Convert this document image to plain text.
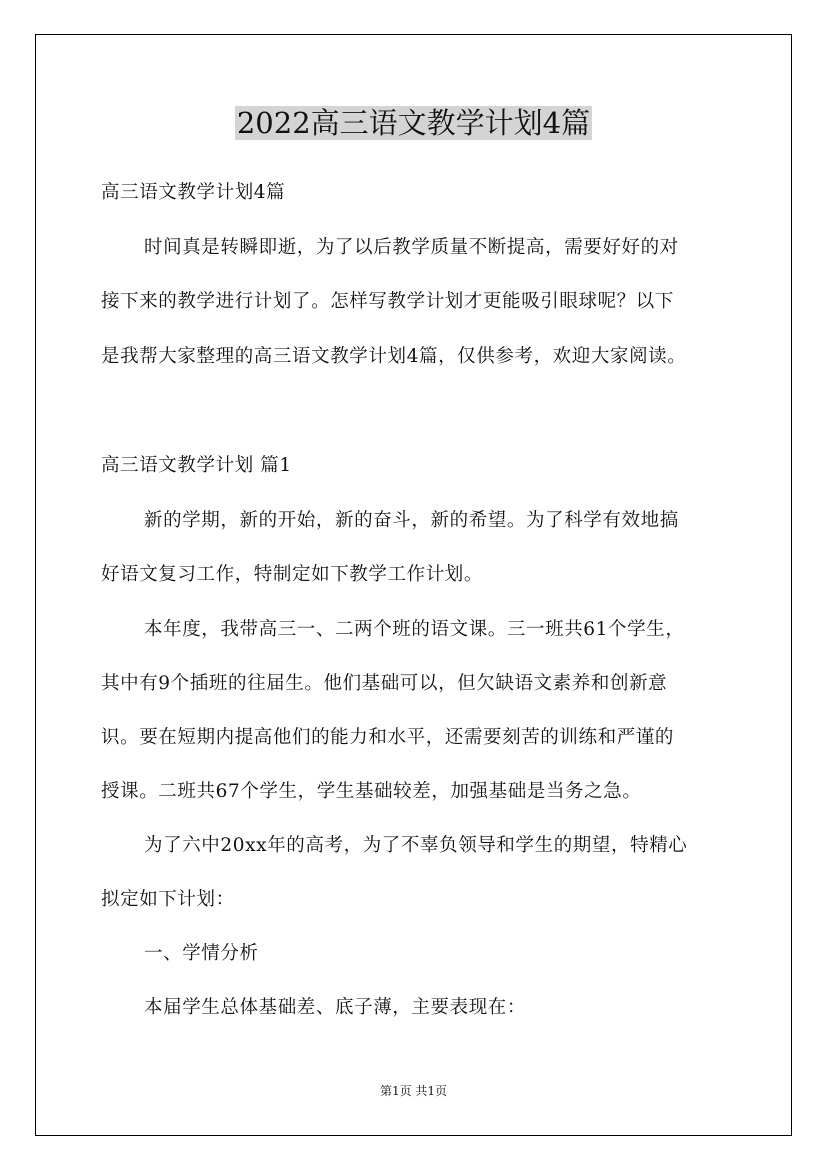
2022高三语文教学计划4篇

高三语文教学计划4篇

时间真是转瞬即逝，为了以后教学质量不断提高，需要好好的对

接下来的教学进行计划了。怎样写教学计划才更能吸引眼球呢？以下

是我帮大家整理的高三语文教学计划4篇，仅供参考，欢迎大家阅读。

高三语文教学计划 篇1

新的学期，新的开始，新的奋斗，新的希望。为了科学有效地搞

好语文复习工作，特制定如下教学工作计划。

本年度，我带高三一、二两个班的语文课。三一班共61个学生，

其中有9个插班的往届生。他们基础可以，但欠缺语文素养和创新意

识。要在短期内提高他们的能力和水平，还需要刻苦的训练和严谨的

授课。二班共67个学生，学生基础较差，加强基础是当务之急。

为了六中20xx年的高考，为了不辜负领导和学生的期望，特精心

拟定如下计划：

一、学情分析

本届学生总体基础差、底子薄，主要表现在：

第1页 共1页
